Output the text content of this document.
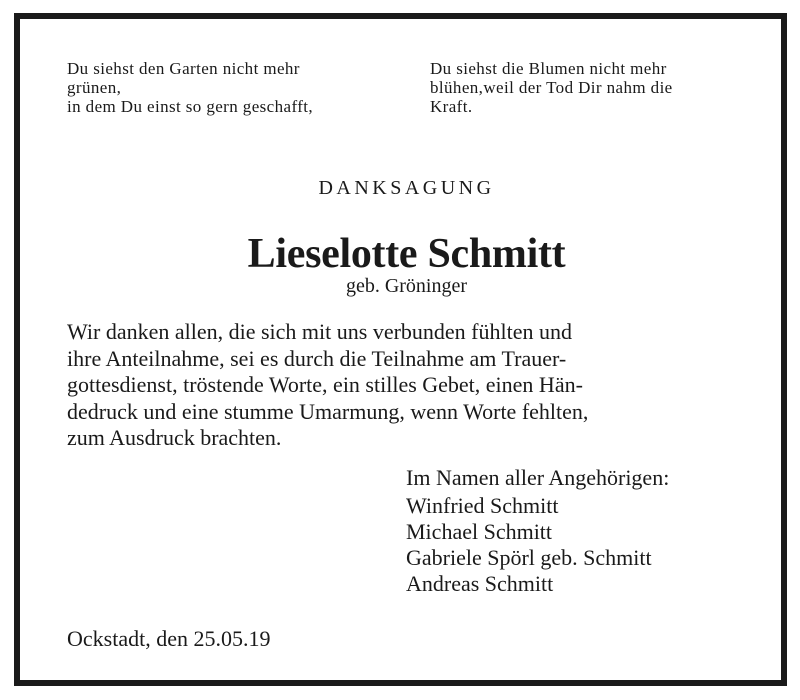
Du siehst den Garten nicht mehr
grünen,
in dem Du einst so gern geschafft,

Du siehst die Blumen nicht mehr
blühen,weil der Tod Dir nahm die
Kraft.

DANKSAGUNG
Lieselotte Schmitt

geb. Gröninger

Wir danken allen, die sich mit uns verbunden fühlten und
ihre Anteilnahme, sei es durch die Teilnahme am Trauer-
gottesdienst, tröstende Worte, ein stilles Gebet, einen Hän-
dedruck und eine stumme Umarmung, wenn Worte fehlten,
zum Ausdruck brachten.

Im Namen aller Angehörigen:
Winfried Schmitt
Michael Schmitt
Gabriele Spörl geb. Schmitt
Andreas Schmitt

Ockstadt, den 25.05.19
